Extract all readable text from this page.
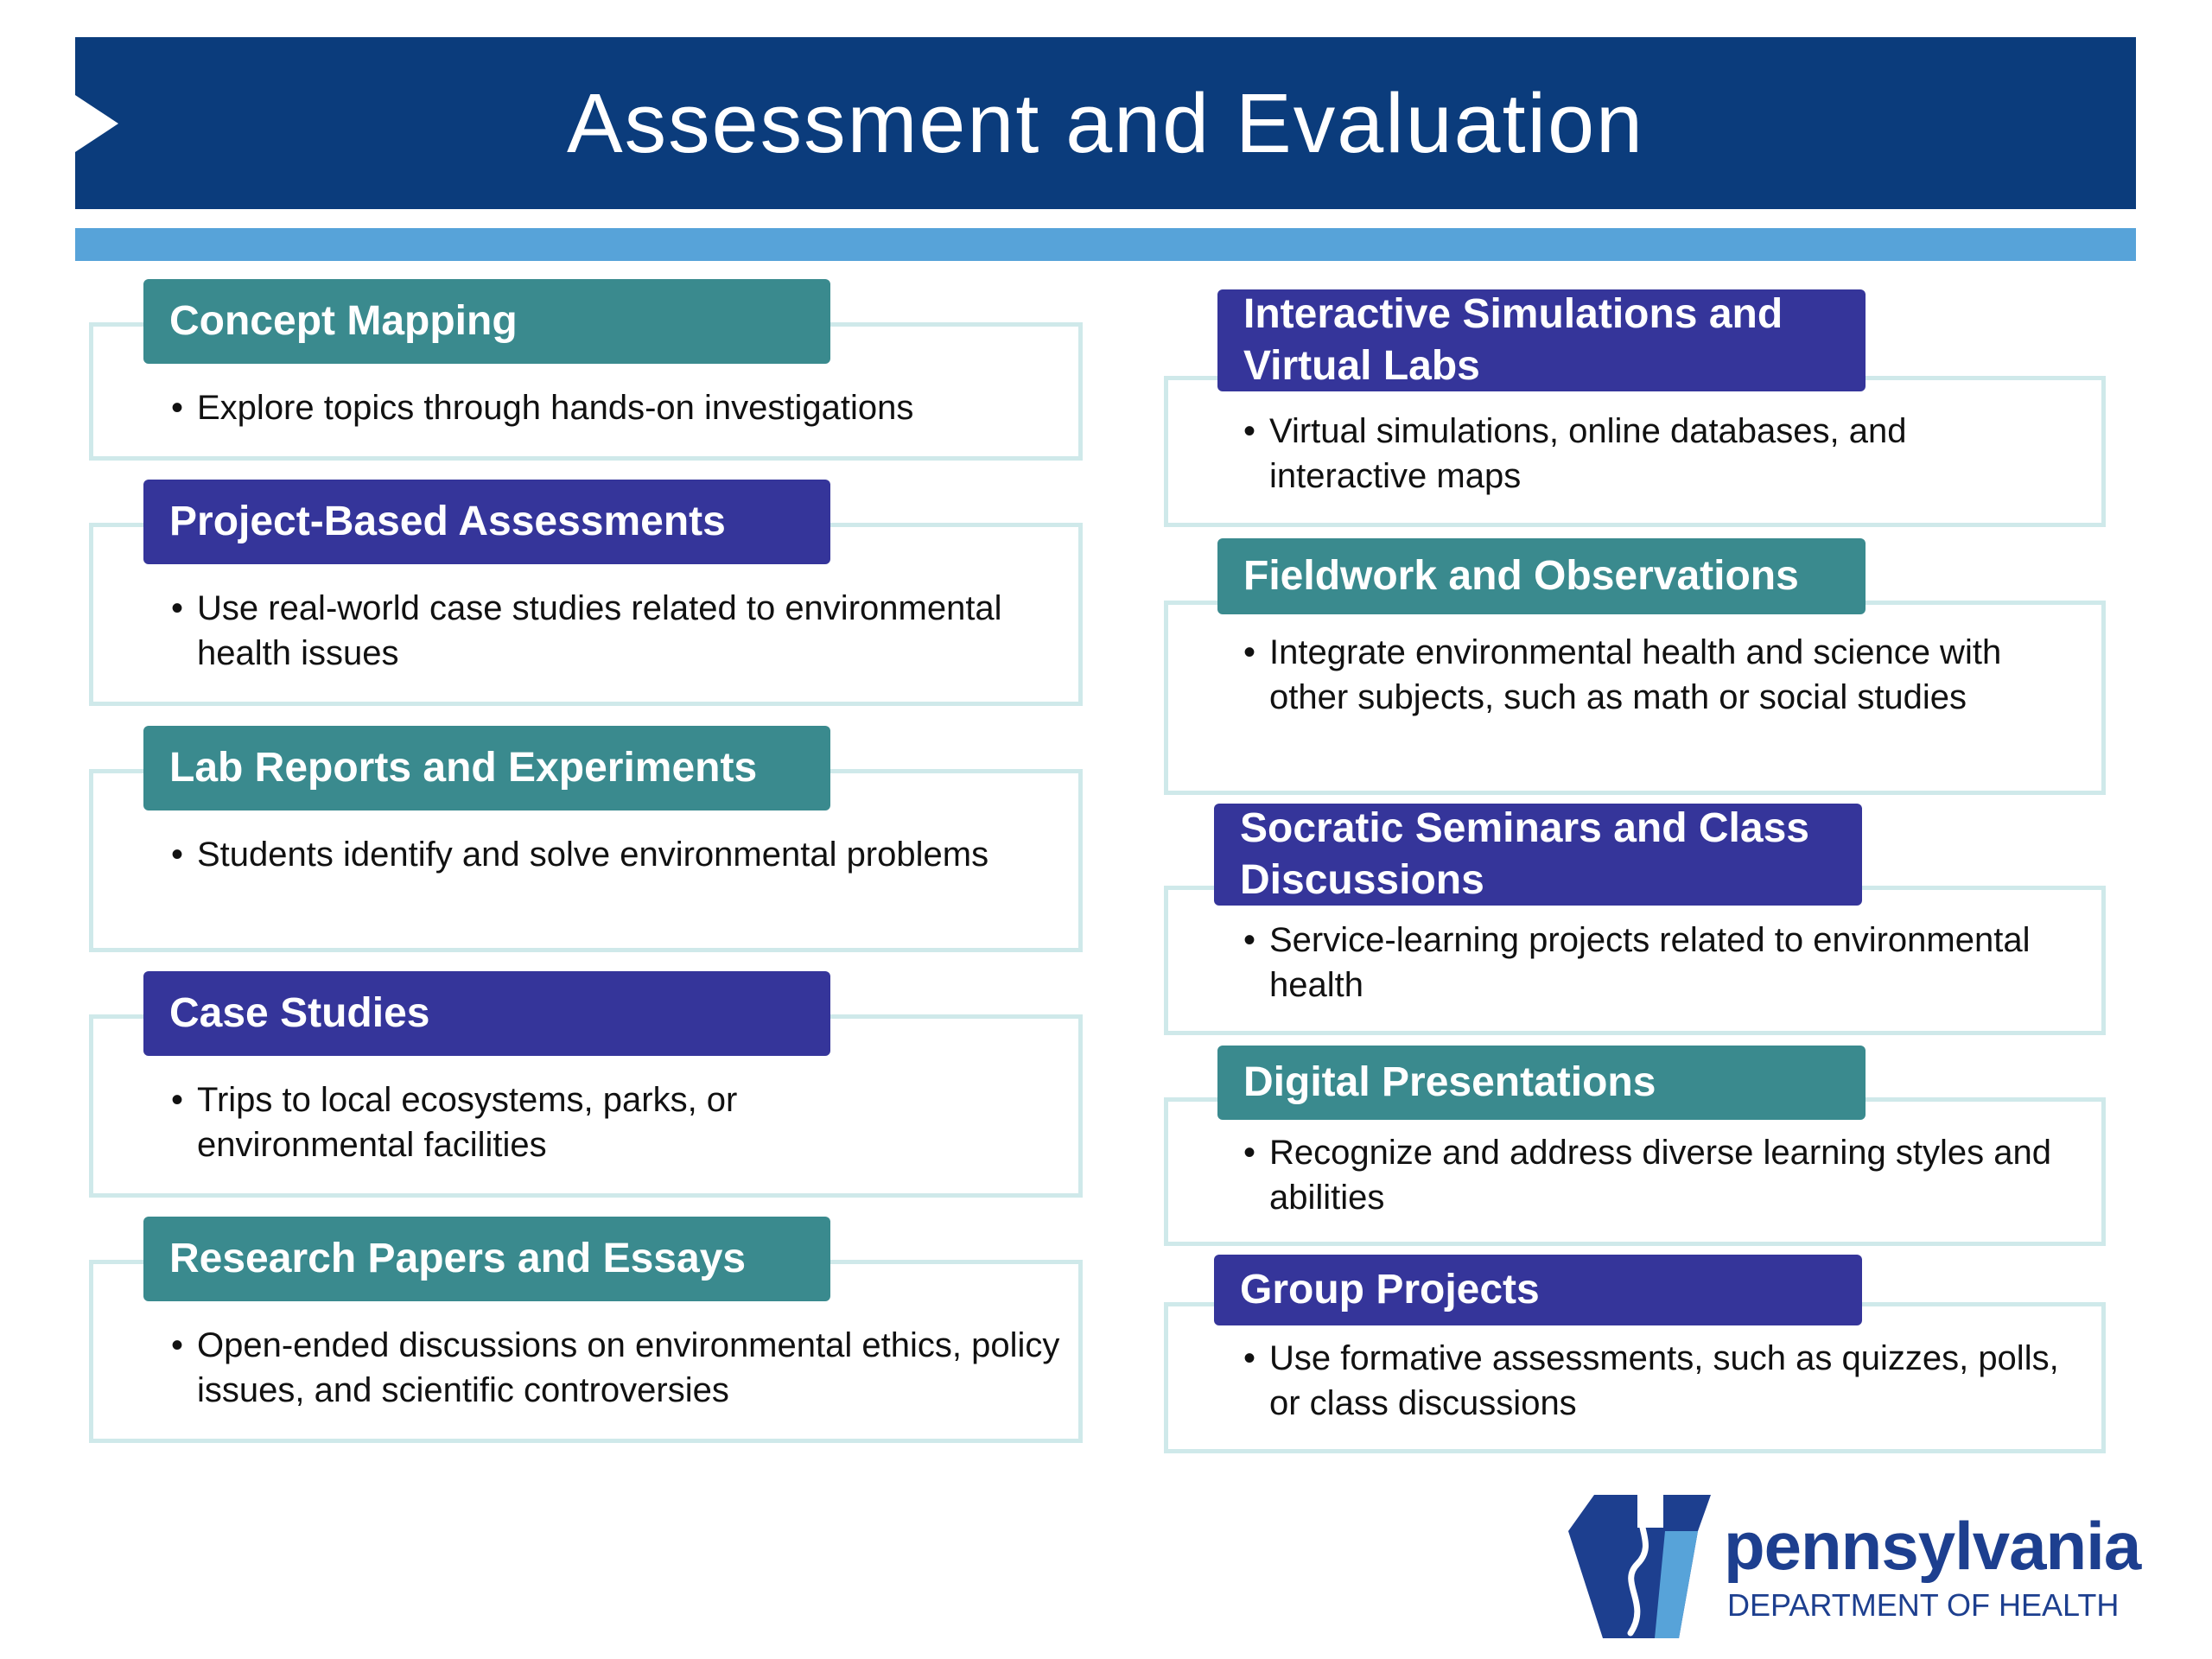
Assessment and Evaluation
Concept Mapping
• Explore topics through hands-on investigations
Project-Based Assessments
• Use real-world case studies related to environmental health issues
Lab Reports and Experiments
• Students identify and solve environmental problems
Case Studies
• Trips to local ecosystems, parks, or environmental facilities
Research Papers and Essays
• Open-ended discussions on environmental ethics, policy issues, and scientific controversies
Interactive Simulations and Virtual Labs
• Virtual simulations, online databases, and interactive maps
Fieldwork and Observations
• Integrate environmental health and science with other subjects, such as math or social studies
Socratic Seminars and Class Discussions
• Service-learning projects related to environmental health
Digital Presentations
• Recognize and address diverse learning styles and abilities
Group Projects
• Use formative assessments, such as quizzes, polls, or class discussions
pennsylvania
DEPARTMENT OF HEALTH
